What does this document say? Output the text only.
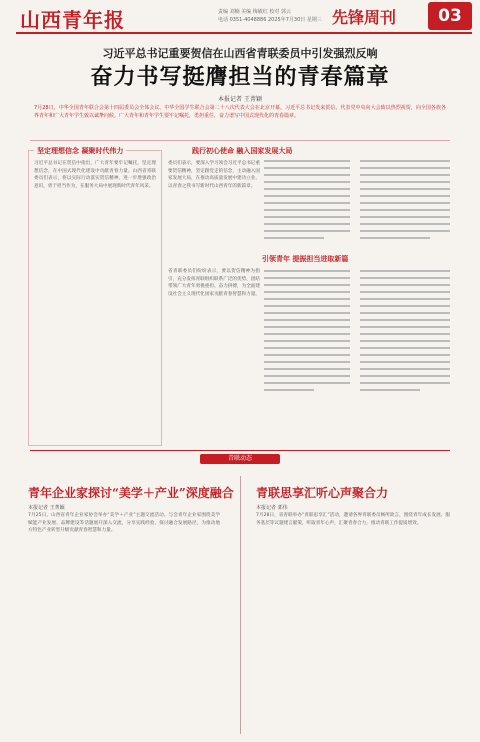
山西青年报	责编 刘楠 美编 梅敏红 校对 郭云
电话 0351-4048886 2025年7月30日 星期三 先锋周刊	03
习近平总书记重要贺信在山西省青联委员中引发强烈反响
奋力书写挺膺担当的青春篇章
本报记者 王菁颖
7月28日，中华全国青年联合会第十四届委员会全体会议、中华全国学生联合会第二十八次代表大会在北京开幕。习近平总书记发来贺信，代表党中央向大会致以热烈祝贺，向全国各族各界青年和广大青年学生致以诚挚问候。广大青年和青年学生要牢记嘱托，勇担重任，奋力谱写中国式现代化的青春篇章。
坚定理想信念 凝聚时代伟力	践行初心使命 融入国家发展大局
引领青年 提振担当进取新篇
习近平总书记在贺信中指出，广大青年要牢记嘱托，坚定理想信念，在中国式现代化建设中贡献青春力量。山西省青联委员们表示，将以实际行动落实贺信精神，进一步增强政治意识，勇于担当作为，在服务大局中展现新时代青年风采。
委员们表示，要深入学习领会习近平总书记重要贺信精神，坚定跟党走的信念，主动融入国家发展大局，在推动高质量发展中建功立业，以青春之我书写新时代山西青年的新篇章。
省青联委员们纷纷表示，要以贺信精神为指引，充分发挥青联组织联系广泛的优势，团结带领广大青年勇挑重担、奋力拼搏，为全面建设社会主义现代化国家贡献青春智慧和力量。
青联动态
青年企业家探讨“美学＋产业”深度融合
本报记者 王菁颖
7月25日，山西省青年企业家协会举办“美学＋产业”主题交流活动。与会青年企业家围绕美学赋能产业发展、品牌建设等话题展开深入交流，分享实践经验，探讨融合发展路径，为推动地方特色产业转型升级贡献青春智慧和力量。
青联思享汇听心声聚合力
本报记者 郭伟
7月28日，省青联举办“青联思享汇”活动，邀请各界青联委员畅所欲言，围绕青年成长发展、服务基层等议题建言献策，听取青年心声，汇聚青春合力，推动青联工作提质增效。
